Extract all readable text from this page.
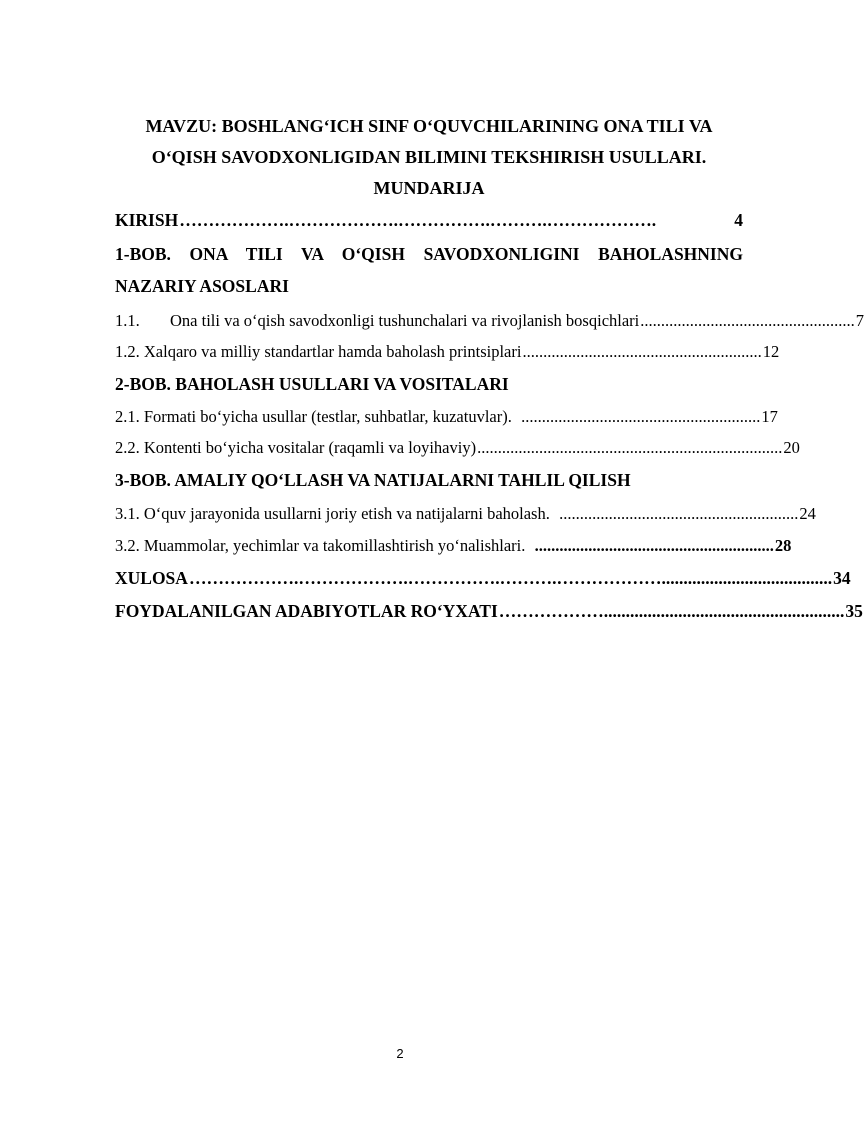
MAVZU: BOSHLANG‘ICH SINF O‘QUVCHILARINING ONA TILI VA
O‘QISH SAVODXONLIGIDAN BILIMINI TEKSHIRISH USULLARI.
MUNDARIJA
KIRISH ……………….……………….…………….……….……………….	4
1-BOB. ONA TILI VA O‘QISH SAVODXONLIGINI BAHOLASHNING
NAZARIY ASOSLARI
1.1.	Ona tili va o‘qish savodxonligi tushunchalari va rivojlanish bosqichlari .................................................... 7
1.2. Xalqaro va milliy standartlar hamda baholash printsiplari .......................................................... 12
2-BOB. BAHOLASH USULLARI VA VOSITALARI
2.1. Formati bo‘yicha usullar (testlar, suhbatlar, kuzatuvlar). .......................................................... 17
2.2. Kontenti bo‘yicha vositalar (raqamli va loyihaviy) .......................................................................... 20
3-BOB. AMALIY QO‘LLASH VA NATIJALARNI TAHLIL QILISH
3.1. O‘quv jarayonida usullarni joriy etish va natijalarni baholash. .......................................................... 24
3.2. Muammolar, yechimlar va takomillashtirish yo‘nalishlari. .......................................................... 28
XULOSA ……………….……………….…………….……….………………....................................... 34
FOYDALANILGAN ADABIYOTLAR RO‘YXATI ………………....................................................... 35
2
